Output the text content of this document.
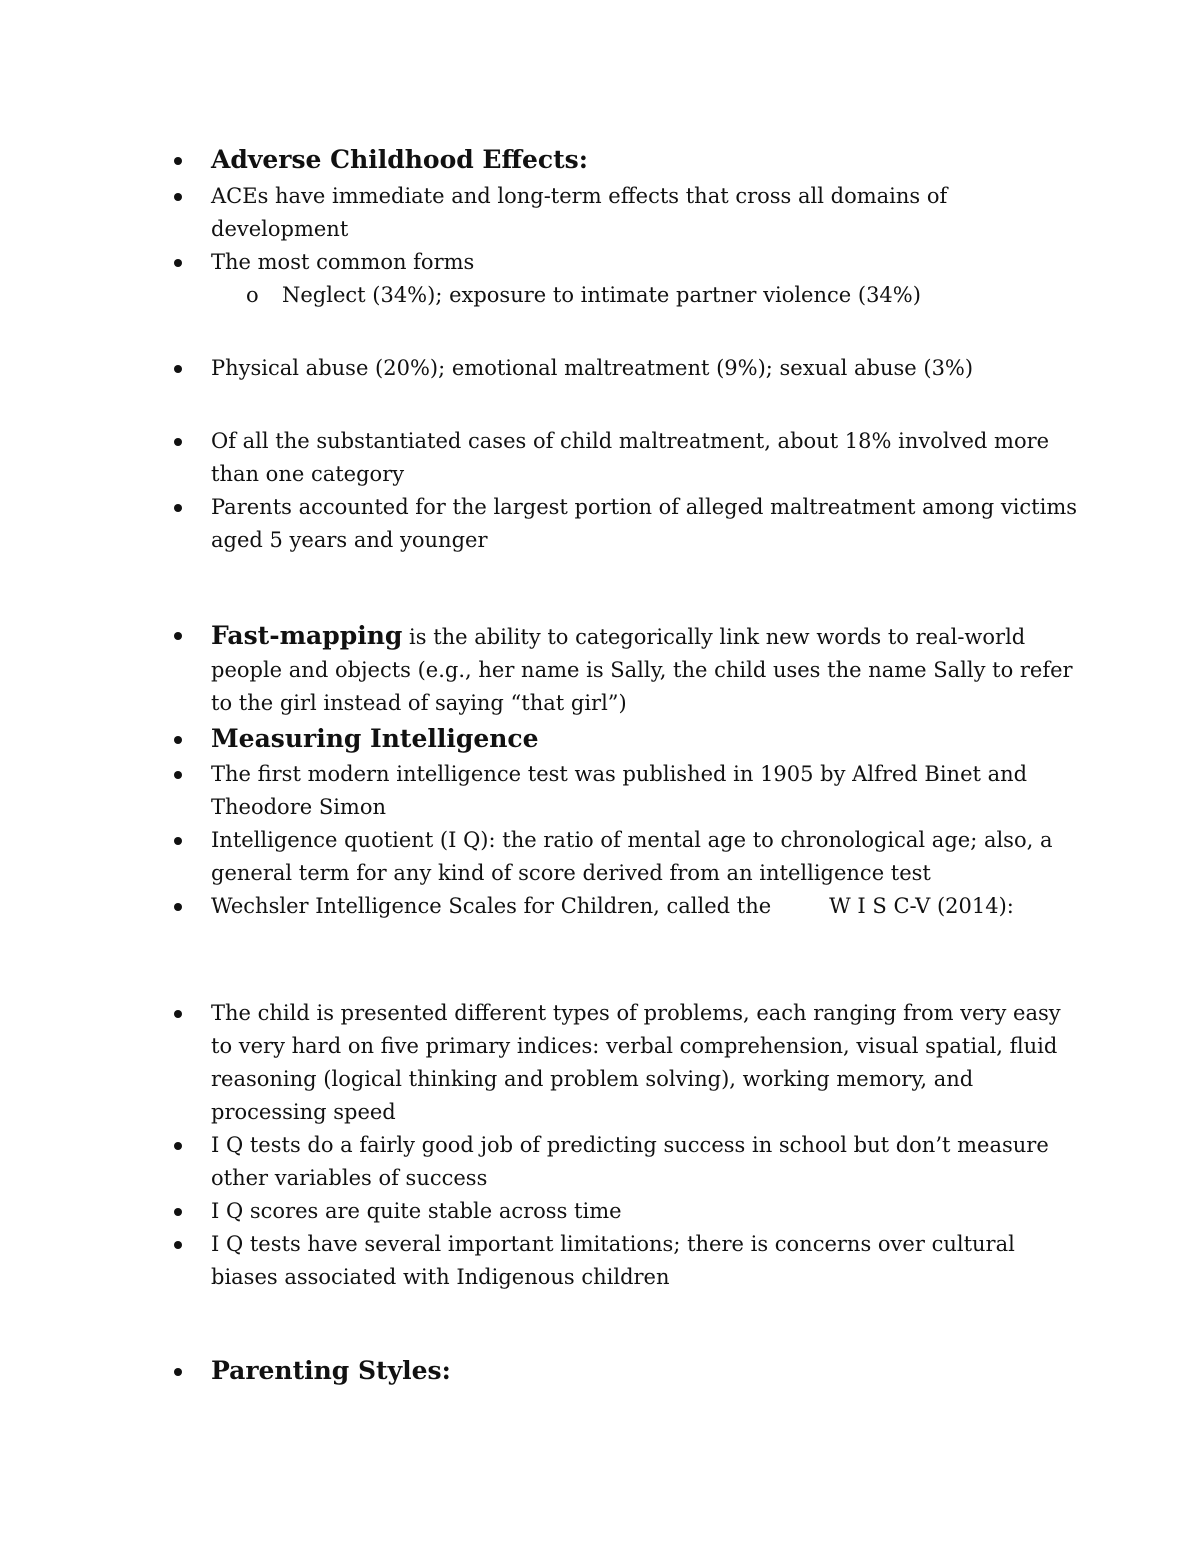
Adverse Childhood Effects:
ACEs have immediate and long-term effects that cross all domains of development
The most common forms
o Neglect (34%); exposure to intimate partner violence (34%)
Physical abuse (20%); emotional maltreatment (9%); sexual abuse (3%)
Of all the substantiated cases of child maltreatment, about 18% involved more than one category
Parents accounted for the largest portion of alleged maltreatment among victims aged 5 years and younger
Fast-mapping is the ability to categorically link new words to real-world people and objects (e.g., her name is Sally, the child uses the name Sally to refer to the girl instead of saying “that girl”)
Measuring Intelligence
The first modern intelligence test was published in 1905 by Alfred Binet and Theodore Simon
Intelligence quotient (I Q): the ratio of mental age to chronological age; also, a general term for any kind of score derived from an intelligence test
Wechsler Intelligence Scales for Children, called the	W I S C-V (2014):
The child is presented different types of problems, each ranging from very easy to very hard on five primary indices: verbal comprehension, visual spatial, fluid reasoning (logical thinking and problem solving), working memory, and processing speed
I Q tests do a fairly good job of predicting success in school but don’t measure other variables of success
I Q scores are quite stable across time
I Q tests have several important limitations; there is concerns over cultural biases associated with Indigenous children
Parenting Styles:
